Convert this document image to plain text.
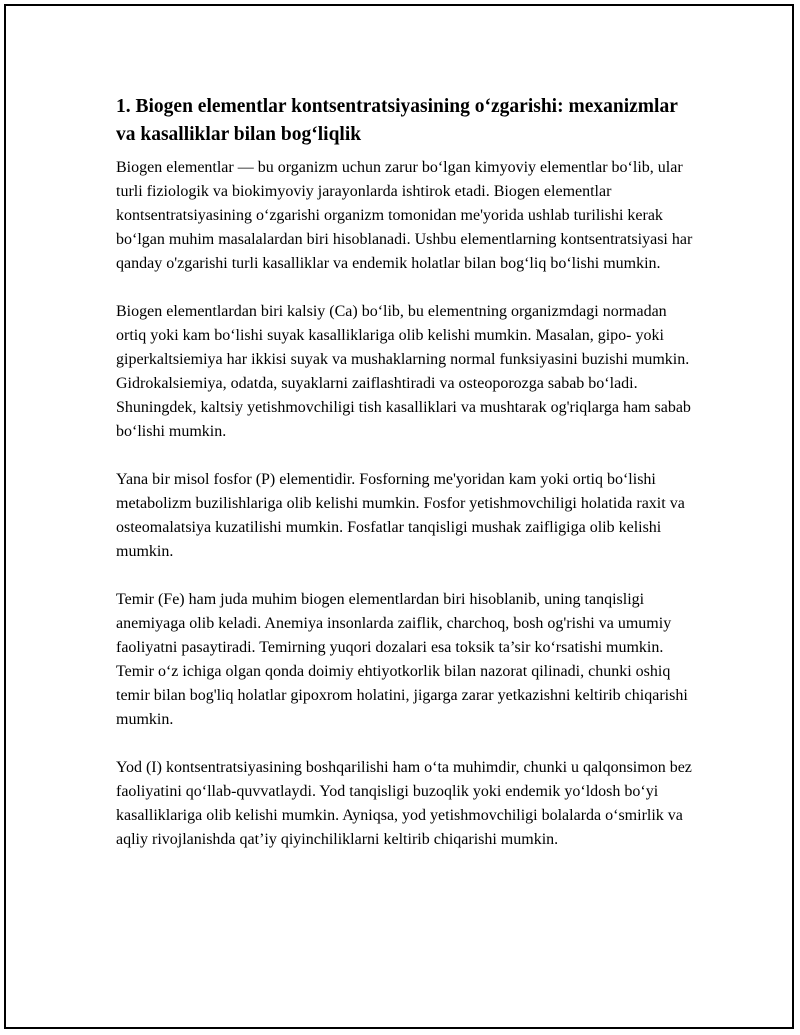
1. Biogen elementlar kontsentratsiyasining o‘zgarishi: mexanizmlar va kasalliklar bilan bog‘liqlik

Biogen elementlar — bu organizm uchun zarur bo‘lgan kimyoviy elementlar bo‘lib, ular turli fiziologik va biokimyoviy jarayonlarda ishtirok etadi. Biogen elementlar kontsentratsiyasining o‘zgarishi organizm tomonidan me'yorida ushlab turilishi kerak bo‘lgan muhim masalalardan biri hisoblanadi. Ushbu elementlarning kontsentratsiyasi har qanday o'zgarishi turli kasalliklar va endemik holatlar bilan bog‘liq bo‘lishi mumkin.

Biogen elementlardan biri kalsiy (Ca) bo‘lib, bu elementning organizmdagi normadan ortiq yoki kam bo‘lishi suyak kasalliklariga olib kelishi mumkin. Masalan, gipo- yoki giperkaltsiemiya har ikkisi suyak va mushaklarning normal funksiyasini buzishi mumkin. Gidrokalsiemiya, odatda, suyaklarni zaiflashtiradi va osteoporozga sabab bo‘ladi. Shuningdek, kaltsiy yetishmovchiligi tish kasalliklari va mushtarak og'riqlarga ham sabab bo‘lishi mumkin.

Yana bir misol fosfor (P) elementidir. Fosforning me'yoridan kam yoki ortiq bo‘lishi metabolizm buzilishlariga olib kelishi mumkin. Fosfor yetishmovchiligi holatida raxit va osteomalatsiya kuzatilishi mumkin. Fosfatlar tanqisligi mushak zaifligiga olib kelishi mumkin.

Temir (Fe) ham juda muhim biogen elementlardan biri hisoblanib, uning tanqisligi anemiyaga olib keladi. Anemiya insonlarda zaiflik, charchoq, bosh og'rishi va umumiy faoliyatni pasaytiradi. Temirning yuqori dozalari esa toksik ta’sir ko‘rsatishi mumkin. Temir o‘z ichiga olgan qonda doimiy ehtiyotkorlik bilan nazorat qilinadi, chunki oshiq temir bilan bog'liq holatlar gipoxrom holatini, jigarga zarar yetkazishni keltirib chiqarishi mumkin.

Yod (I) kontsentratsiyasining boshqarilishi ham o‘ta muhimdir, chunki u qalqonsimon bez faoliyatini qo‘llab-quvvatlaydi. Yod tanqisligi buzoqlik yoki endemik yo‘ldosh bo‘yi kasalliklariga olib kelishi mumkin. Ayniqsa, yod yetishmovchiligi bolalarda o‘smirlik va aqliy rivojlanishda qat’iy qiyinchiliklarni keltirib chiqarishi mumkin.
